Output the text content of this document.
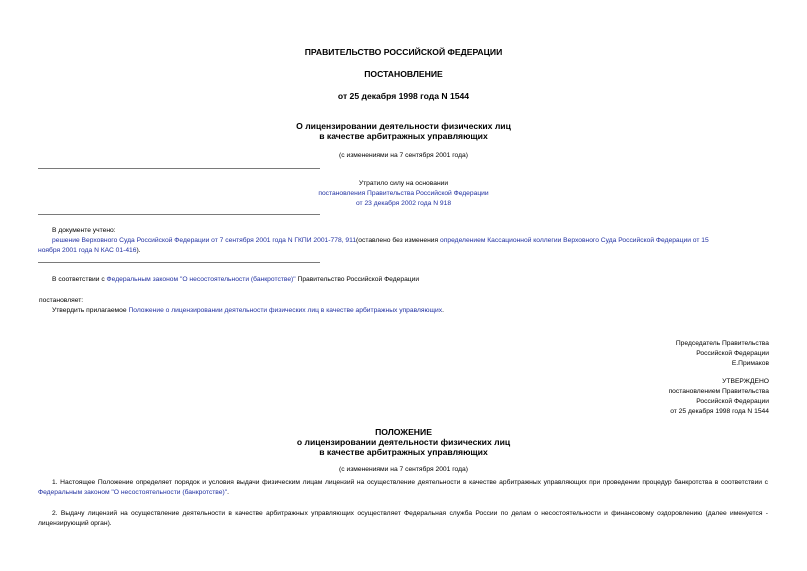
ПРАВИТЕЛЬСТВО РОССИЙСКОЙ ФЕДЕРАЦИИ
ПОСТАНОВЛЕНИЕ
от 25 декабря 1998 года N 1544
О лицензировании деятельности физических лиц
в качестве арбитражных управляющих
(с изменениями на 7 сентября 2001 года)
Утратило силу на основании
постановления Правительства Российской Федерации
от 23 декабря 2002 года N 918
В документе учтено:
решение Верховного Суда Российской Федерации от 7 сентября 2001 года N ГКПИ 2001-778, 911(оставлено без изменения определением Кассационной коллегии Верховного Суда Российской Федерации от 15
ноября 2001 года N КАС 01-416).
В соответствии с Федеральным законом "О несостоятельности (банкротстве)" Правительство Российской Федерации
постановляет:
Утвердить прилагаемое Положение о лицензировании деятельности физических лиц в качестве арбитражных управляющих.
Председатель Правительства
Российской Федерации
Е.Примаков
УТВЕРЖДЕНО
постановлением Правительства
Российской Федерации
от 25 декабря 1998 года N 1544
ПОЛОЖЕНИЕ
о лицензировании деятельности физических лиц
в качестве арбитражных управляющих
(с изменениями на 7 сентября 2001 года)
1. Настоящее Положение определяет порядок и условия выдачи физическим лицам лицензий на осуществление деятельности в качестве арбитражных управляющих при проведении процедур банкротства в соответствии с Федеральным законом "О несостоятельности (банкротстве)".
2. Выдачу лицензий на осуществление деятельности в качестве арбитражных управляющих осуществляет Федеральная служба России по делам о несостоятельности и финансовому оздоровлению (далее именуется - лицензирующий орган).
